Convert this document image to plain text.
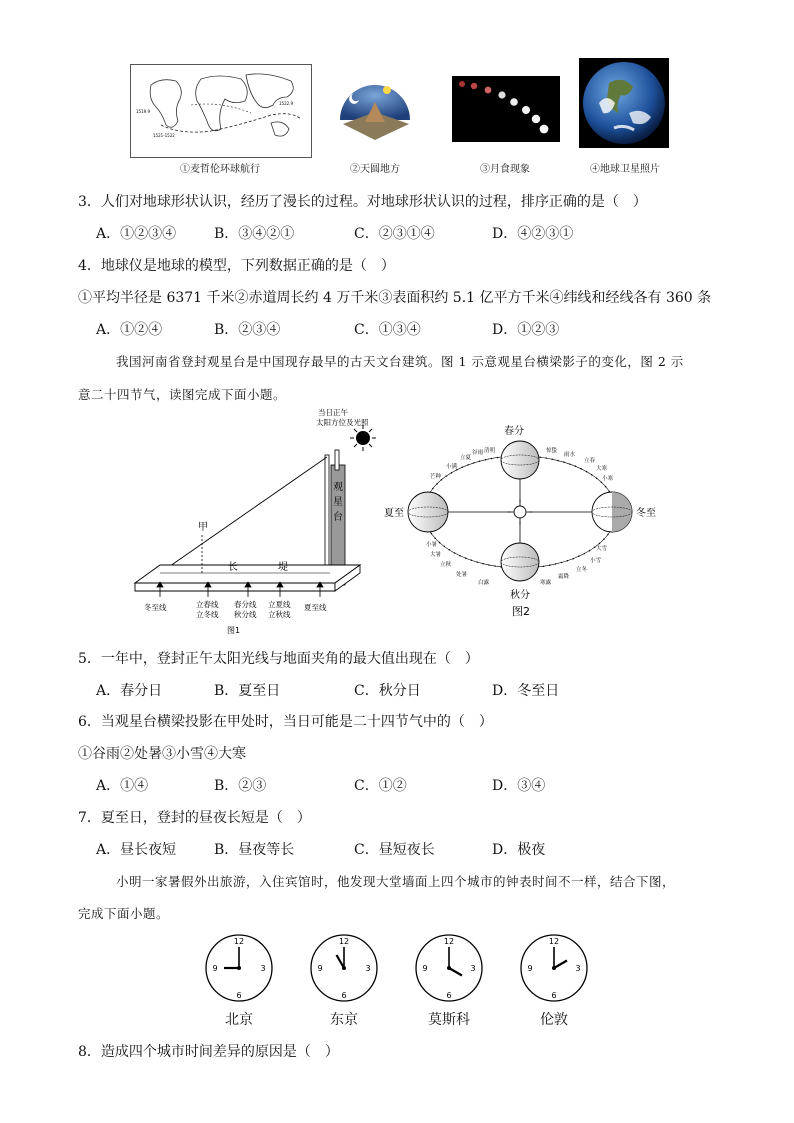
1519.9
1522.9
1521-1522
①麦哲伦环球航行	②天圆地方	③月食现象	④地球卫星照片
3．人们对地球形状认识，经历了漫长的过程。对地球形状认识的过程，排序正确的是（　）
A．①②③④	B．③④②①	C．②③①④	D．④②③①
4．地球仪是地球的模型，下列数据正确的是（　）
①平均半径是 6371 千米②赤道周长约 4 万千米③表面积约 5.1 亿平方千米④纬线和经线各有 360 条
A．①②④	B．②③④	C．①③④	D．①②③
我国河南省登封观星台是中国现存最早的古天文台建筑。图 1 示意观星台横梁影子的变化，图 2 示
意二十四节气，读图完成下面小题。
当日正午
太阳方位及光照
观
星
台
长	堤
甲
冬至线	立春线
立冬线
春分线
秋分线
立夏线
立秋线
夏至线
图1
春分
秋分
夏至	冬至
小满
立夏
谷雨 清明	惊蛰
雨水
立春
大寒
小寒
芒种
小暑
大暑
立秋
处暑
白露	寒露
霜降
立冬
小雪
大雪
图2
5．一年中，登封正午太阳光线与地面夹角的最大值出现在（　）
A．春分日	B．夏至日	C．秋分日	D．冬至日
6．当观星台横梁投影在甲处时，当日可能是二十四节气中的（　）
①谷雨②处暑③小雪④大寒
A．①④	B．②③	C．①②	D．③④
7．夏至日，登封的昼夜长短是（　）
A．昼长夜短	B．昼夜等长	C．昼短夜长	D．极夜
小明一家暑假外出旅游，入住宾馆时，他发现大堂墙面上四个城市的钟表时间不一样，结合下图，
完成下面小题。
8．造成四个城市时间差异的原因是（　）
12
3
6
9
北京
12
3
6
9
东京
12
3
6
9
莫斯科
12
3
6
9
伦敦
